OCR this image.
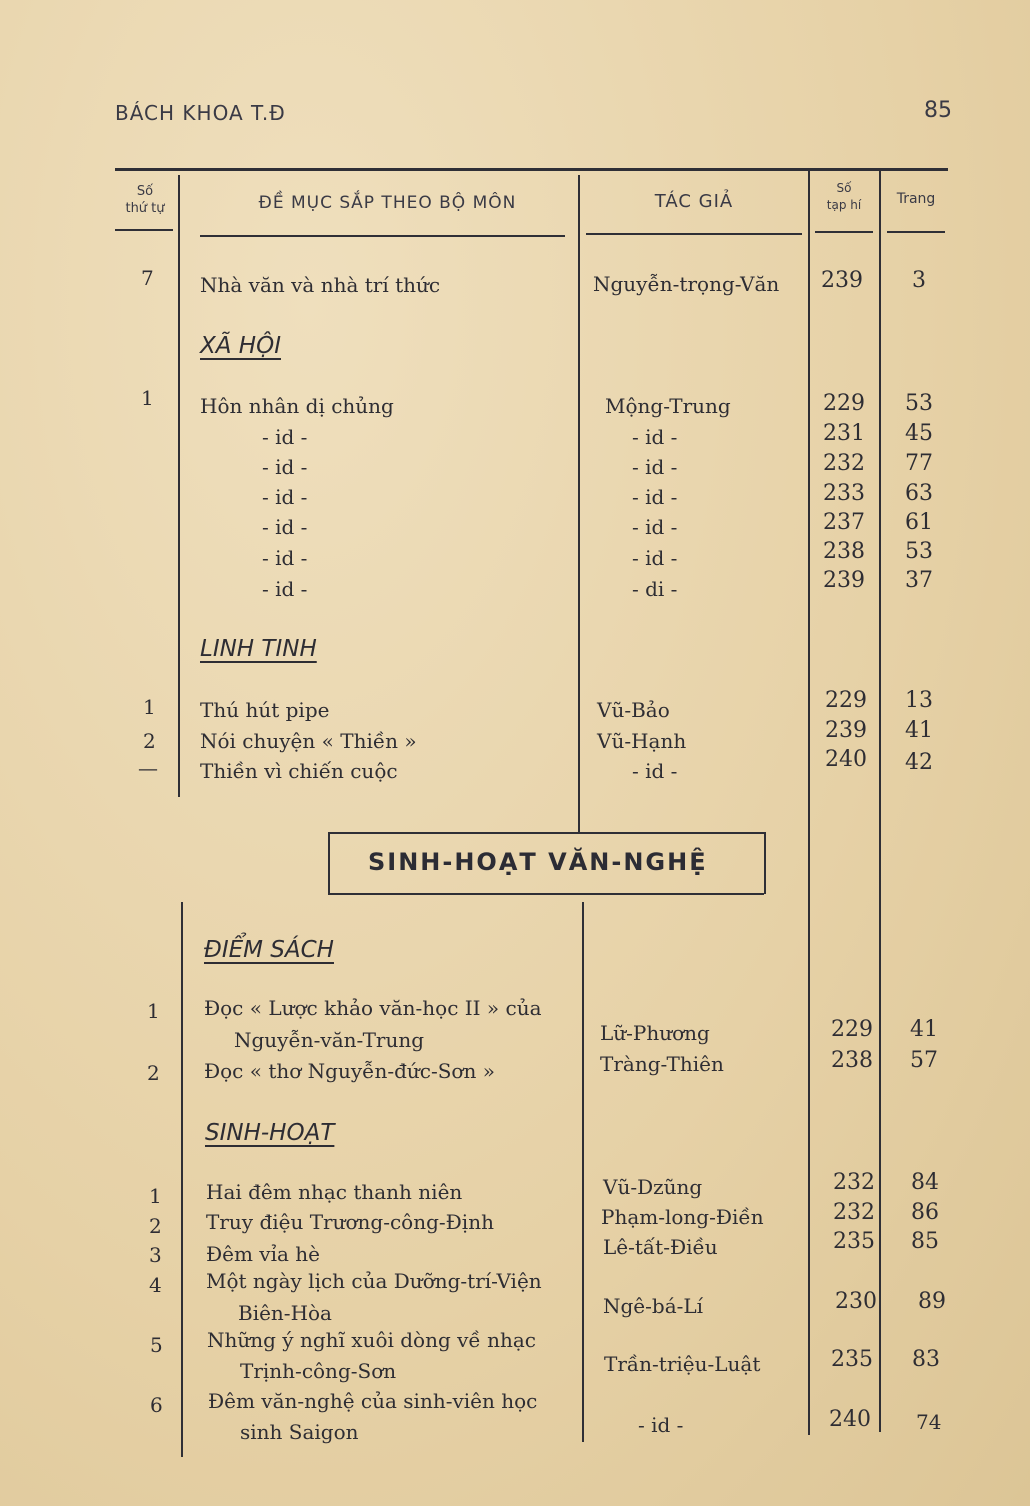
BÁCH KHOA T.Đ	85
Số
thứ tự	ĐỀ MỤC SẮP THEO BỘ MÔN	TÁC GIẢ
Số
tạp hí	Trang
7 Nhà văn và nhà trí thức	Nguyễn-trọng-Văn 239 3
XÃ HỘI
1 Hôn nhân dị chủng	Mộng-Trung	229 53
- id -	- id -	231 45
- id -	- id -	232 77
- id -	- id -	233 63
- id -	- id -	237 61
- id -	- id -	238 53
- id -	- di -	239 37
LINH TINH
1 Thú hút pipe	Vũ-Bảo	229 13
2 Nói chuyện « Thiền »	Vũ-Hạnh	239 41
— Thiền vì chiến cuộc	- id -	240 42
SINH-HOẠT VĂN-NGHỆ
ĐIỂM SÁCH
1 Đọc « Lược khảo văn-học II » của
Nguyễn-văn-Trung	Lữ-Phương	229 41
2 Đọc « thơ Nguyễn-đức-Sơn »	Tràng-Thiên	238 57
SINH-HOẠT
1 Hai đêm nhạc thanh niên	Vũ-Dzũng	232 84
2 Truy điệu Trương-công-Định	Phạm-long-Điền	232 86
3 Đêm vỉa hè	Lê-tất-Điều	235 85
4 Một ngày lịch của Dưỡng-trí-Viện
Biên-Hòa	Ngê-bá-Lí	230 89
5 Những ý nghĩ xuôi dòng về nhạc
Trịnh-công-Sơn	Trần-triệu-Luật	235 83
6 Đêm văn-nghệ của sinh-viên học
sinh Saigon	- id -	240 74
